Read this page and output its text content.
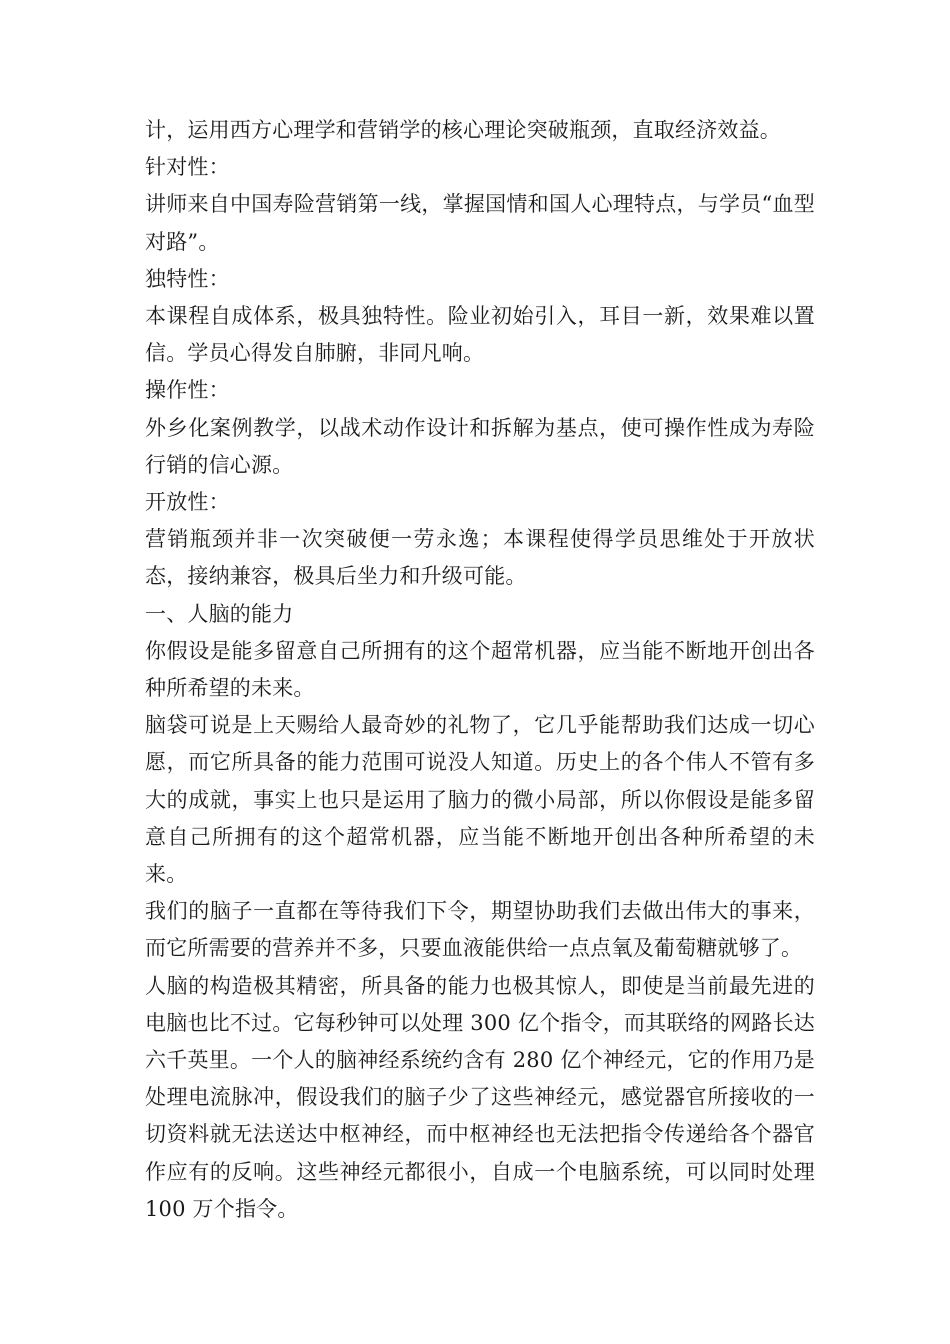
计，运用西方心理学和营销学的核心理论突破瓶颈，直取经济效益。

针对性：

讲师来自中国寿险营销第一线，掌握国情和国人心理特点，与学员“血型对路”。

独特性：

本课程自成体系，极具独特性。险业初始引入，耳目一新，效果难以置信。学员心得发自肺腑，非同凡响。

操作性：

外乡化案例教学，以战术动作设计和拆解为基点，使可操作性成为寿险行销的信心源。

开放性：

营销瓶颈并非一次突破便一劳永逸；本课程使得学员思维处于开放状态，接纳兼容，极具后坐力和升级可能。

一、人脑的能力

你假设是能多留意自己所拥有的这个超常机器，应当能不断地开创出各种所希望的未来。

脑袋可说是上天赐给人最奇妙的礼物了，它几乎能帮助我们达成一切心愿，而它所具备的能力范围可说没人知道。历史上的各个伟人不管有多大的成就，事实上也只是运用了脑力的微小局部，所以你假设是能多留意自己所拥有的这个超常机器，应当能不断地开创出各种所希望的未来。

我们的脑子一直都在等待我们下令，期望协助我们去做出伟大的事来，而它所需要的营养并不多，只要血液能供给一点点氧及葡萄糖就够了。

人脑的构造极其精密，所具备的能力也极其惊人，即使是当前最先进的电脑也比不过。它每秒钟可以处理 300 亿个指令，而其联络的网路长达六千英里。一个人的脑神经系统约含有 280 亿个神经元，它的作用乃是处理电流脉冲，假设我们的脑子少了这些神经元，感觉器官所接收的一切资料就无法送达中枢神经，而中枢神经也无法把指令传递给各个器官作应有的反响。这些神经元都很小，自成一个电脑系统，可以同时处理 100 万个指令。
